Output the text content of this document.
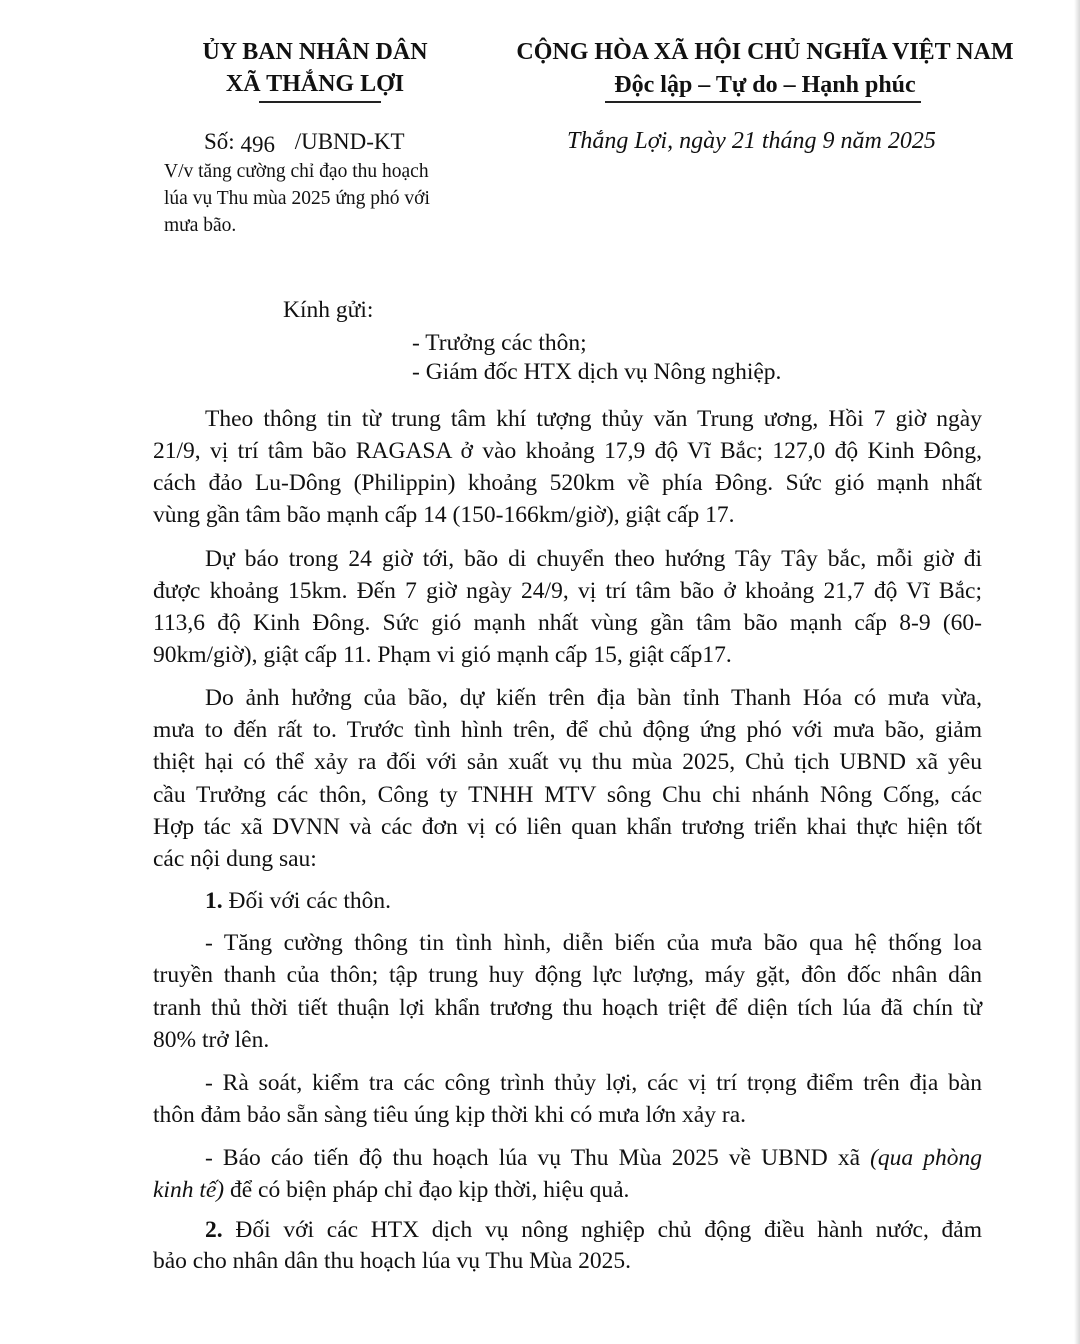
ỦY BAN NHÂN DÂN
XÃ THẮNG LỢI
CỘNG HÒA XÃ HỘI CHỦ NGHĨA VIỆT NAM
Độc lập – Tự do – Hạnh phúc
Số: 496 /UBND-KT	Thắng Lợi, ngày 21 tháng 9 năm 2025
V/v tăng cường chỉ đạo thu hoạch
lúa vụ Thu mùa 2025 ứng phó với
mưa bão.
Kính gửi:
- Trưởng các thôn;
- Giám đốc HTX dịch vụ Nông nghiệp.
Theo thông tin từ trung tâm khí tượng thủy văn Trung ương, Hồi 7 giờ ngày
21/9, vị trí tâm bão RAGASA ở vào khoảng 17,9 độ Vĩ Bắc; 127,0 độ Kinh Đông,
cách đảo Lu-Dông (Philippin) khoảng 520km về phía Đông. Sức gió mạnh nhất
vùng gần tâm bão mạnh cấp 14 (150-166km/giờ), giật cấp 17.
Dự báo trong 24 giờ tới, bão di chuyển theo hướng Tây Tây bắc, mỗi giờ đi
được khoảng 15km. Đến 7 giờ ngày 24/9, vị trí tâm bão ở khoảng 21,7 độ Vĩ Bắc;
113,6 độ Kinh Đông. Sức gió mạnh nhất vùng gần tâm bão mạnh cấp 8-9 (60-
90km/giờ), giật cấp 11. Phạm vi gió mạnh cấp 15, giật cấp17.
Do ảnh hưởng của bão, dự kiến trên địa bàn tỉnh Thanh Hóa có mưa vừa,
mưa to đến rất to. Trước tình hình trên, để chủ động ứng phó với mưa bão, giảm
thiệt hại có thể xảy ra đối với sản xuất vụ thu mùa 2025, Chủ tịch UBND xã yêu
cầu Trưởng các thôn, Công ty TNHH MTV sông Chu chi nhánh Nông Cống, các
Hợp tác xã DVNN và các đơn vị có liên quan khẩn trương triển khai thực hiện tốt
các nội dung sau:
1. Đối với các thôn.
- Tăng cường thông tin tình hình, diễn biến của mưa bão qua hệ thống loa
truyền thanh của thôn; tập trung huy động lực lượng, máy gặt, đôn đốc nhân dân
tranh thủ thời tiết thuận lợi khẩn trương thu hoạch triệt để diện tích lúa đã chín từ
80% trở lên.
- Rà soát, kiểm tra các công trình thủy lợi, các vị trí trọng điểm trên địa bàn
thôn đảm bảo sẵn sàng tiêu úng kịp thời khi có mưa lớn xảy ra.
- Báo cáo tiến độ thu hoạch lúa vụ Thu Mùa 2025 về UBND xã (qua phòng
kinh tế) để có biện pháp chỉ đạo kịp thời, hiệu quả.
2. Đối với các HTX dịch vụ nông nghiệp chủ động điều hành nước, đảm
bảo cho nhân dân thu hoạch lúa vụ Thu Mùa 2025.
